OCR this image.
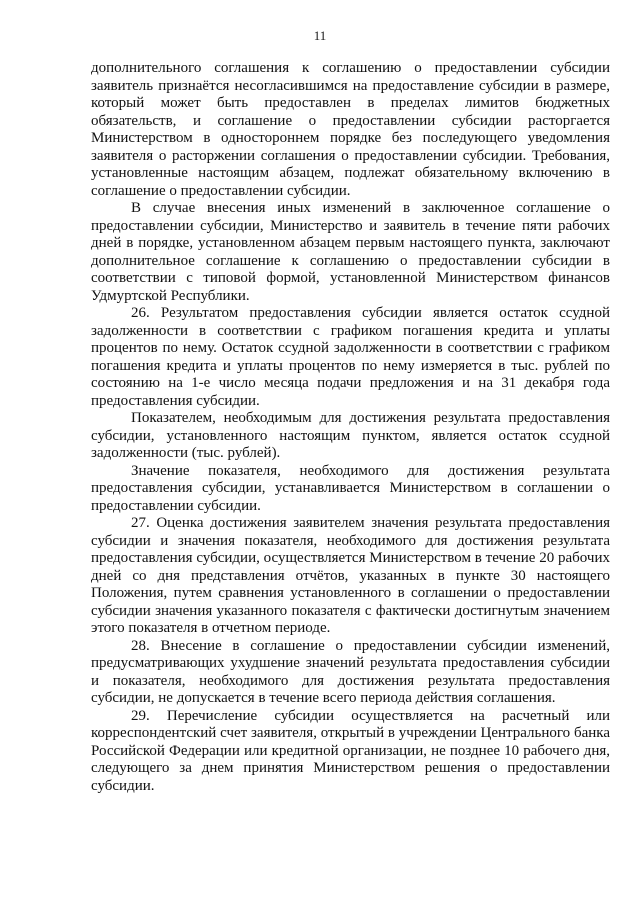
11

дополнительного соглашения к соглашению о предоставлении субсидии заявитель признаётся несогласившимся на предоставление субсидии в размере, который может быть предоставлен в пределах лимитов бюджетных обязательств, и соглашение о предоставлении субсидии расторгается Министерством в одностороннем порядке без последующего уведомления заявителя о расторжении соглашения о предоставлении субсидии. Требования, установленные настоящим абзацем, подлежат обязательному включению в соглашение о предоставлении субсидии.

В случае внесения иных изменений в заключенное соглашение о предоставлении субсидии, Министерство и заявитель в течение пяти рабочих дней в порядке, установленном абзацем первым настоящего пункта, заключают дополнительное соглашение к соглашению о предоставлении субсидии в соответствии с типовой формой, установленной Министерством финансов Удмуртской Республики.

26. Результатом предоставления субсидии является остаток ссудной задолженности в соответствии с графиком погашения кредита и уплаты процентов по нему. Остаток ссудной задолженности в соответствии с графиком погашения кредита и уплаты процентов по нему измеряется в тыс. рублей по состоянию на 1-е число месяца подачи предложения и на 31 декабря года предоставления субсидии.

Показателем, необходимым для достижения результата предоставления субсидии, установленного настоящим пунктом, является остаток ссудной задолженности (тыс. рублей).

Значение показателя, необходимого для достижения результата предоставления субсидии, устанавливается Министерством в соглашении о предоставлении субсидии.

27. Оценка достижения заявителем значения результата предоставления субсидии и значения показателя, необходимого для достижения результата предоставления субсидии, осуществляется Министерством в течение 20 рабочих дней со дня представления отчётов, указанных в пункте 30 настоящего Положения, путем сравнения установленного в соглашении о предоставлении субсидии значения указанного показателя с фактически достигнутым значением этого показателя в отчетном периоде.

28. Внесение в соглашение о предоставлении субсидии изменений, предусматривающих ухудшение значений результата предоставления субсидии и показателя, необходимого для достижения результата предоставления субсидии, не допускается в течение всего периода действия соглашения.

29. Перечисление субсидии осуществляется на расчетный или корреспондентский счет заявителя, открытый в учреждении Центрального банка Российской Федерации или кредитной организации, не позднее 10 рабочего дня, следующего за днем принятия Министерством решения о предоставлении субсидии.
